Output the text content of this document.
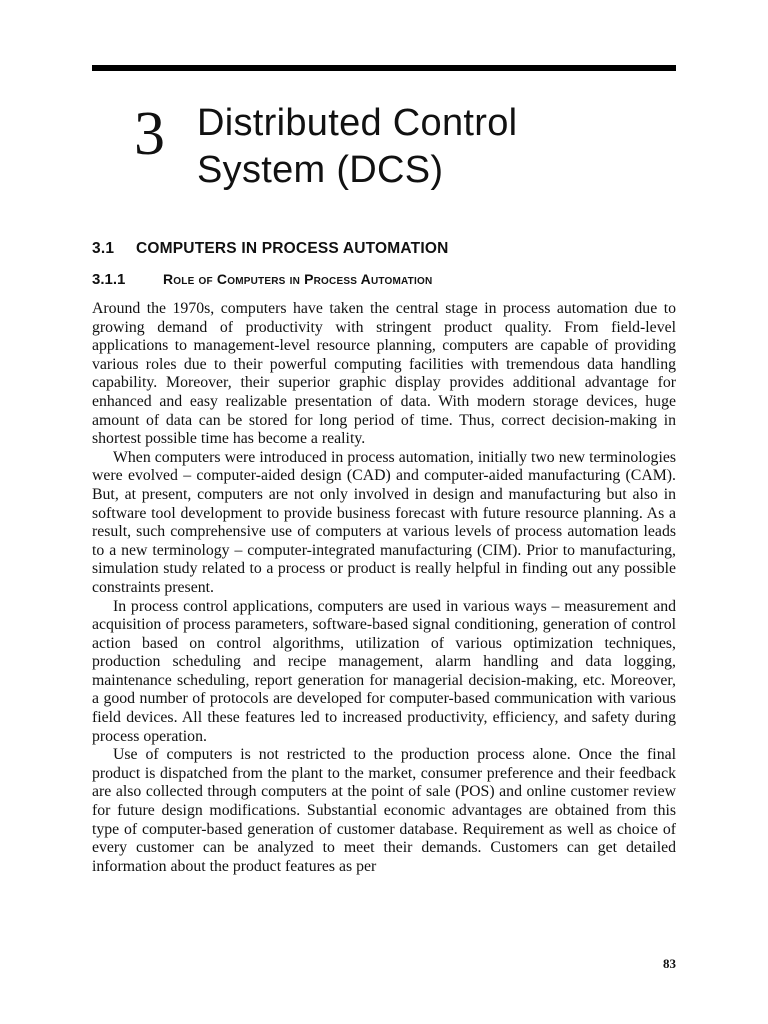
3 Distributed Control
System (DCS)
3.1 COMPUTERS IN PROCESS AUTOMATION
3.1.1	Role of Computers in Process Automation

Around the 1970s, computers have taken the central stage in process automation due to growing demand of productivity with stringent product quality. From field-level applications to management-level resource planning, computers are capable of providing various roles due to their powerful computing facilities with tremendous data handling capability. Moreover, their superior graphic display provides additional advantage for enhanced and easy realizable presentation of data. With modern storage devices, huge amount of data can be stored for long period of time. Thus, correct decision-making in shortest possible time has become a reality.

When computers were introduced in process automation, initially two new terminologies were evolved – computer-aided design (CAD) and computer-aided manufacturing (CAM). But, at present, computers are not only involved in design and manufacturing but also in software tool development to provide business forecast with future resource planning. As a result, such comprehensive use of computers at various levels of process automation leads to a new terminology – computer-integrated manufacturing (CIM). Prior to manufacturing, simulation study related to a process or product is really helpful in finding out any possible constraints present.

In process control applications, computers are used in various ways – measurement and acquisition of process parameters, software-based signal conditioning, generation of control action based on control algorithms, utilization of various optimization techniques, production scheduling and recipe management, alarm handling and data logging, maintenance scheduling, report generation for managerial decision-making, etc. Moreover, a good number of protocols are developed for computer-based communication with various field devices. All these features led to increased productivity, efficiency, and safety during process operation.

Use of computers is not restricted to the production process alone. Once the final product is dispatched from the plant to the market, consumer preference and their feedback are also collected through computers at the point of sale (POS) and online customer review for future design modifications. Substantial economic advantages are obtained from this type of computer-based generation of customer database. Requirement as well as choice of every customer can be analyzed to meet their demands. Customers can get detailed information about the product features as per

83
